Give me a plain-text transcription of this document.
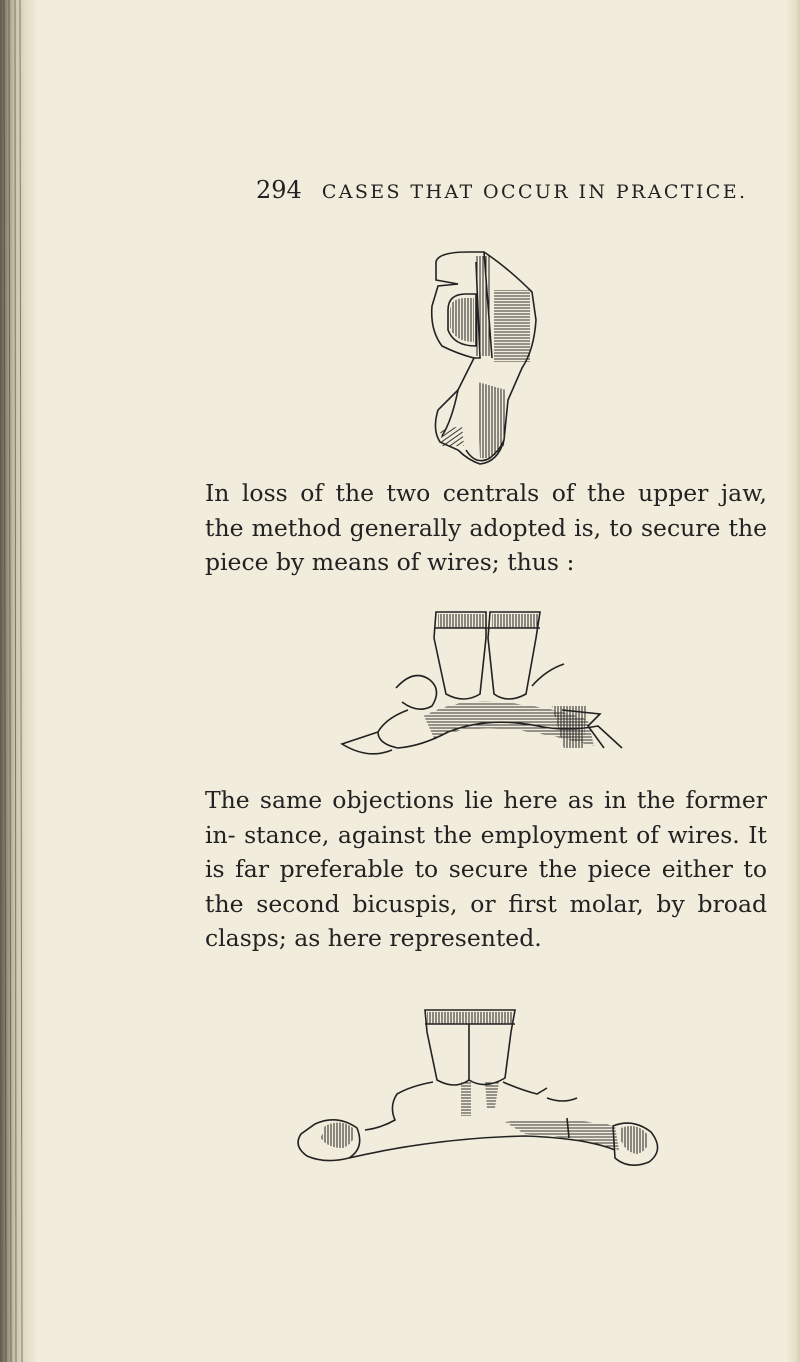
294 CASES THAT OCCUR IN PRACTICE.

In loss of the two centrals of the upper jaw, the method generally adopted is, to secure the piece by means of wires; thus :

The same objections lie here as in the former in- stance, against the employment of wires. It is far preferable to secure the piece either to the second bicuspis, or first molar, by broad clasps; as here represented.
